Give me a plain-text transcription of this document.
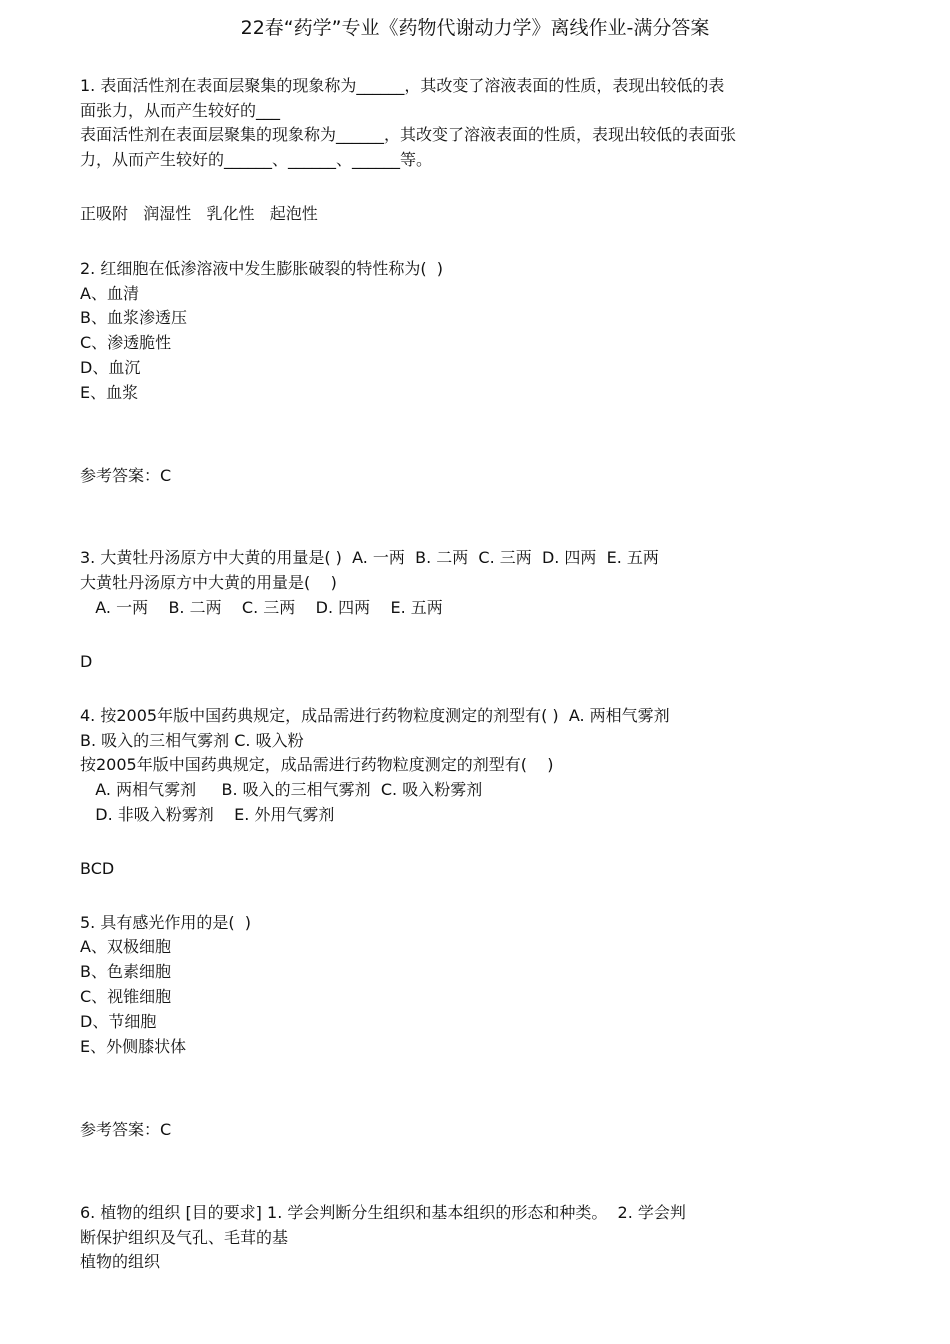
22春“药学”专业《药物代谢动力学》离线作业-满分答案
1. 表面活性剂在表面层聚集的现象称为______，其改变了溶液表面的性质，表现出较低的表
面张力，从而产生较好的___
表面活性剂在表面层聚集的现象称为______，其改变了溶液表面的性质，表现出较低的表面张
力，从而产生较好的______、______、______等。
正吸附   润湿性   乳化性   起泡性
2. 红细胞在低渗溶液中发生膨胀破裂的特性称为(  )
A、血清
B、血浆渗透压
C、渗透脆性
D、血沉
E、血浆
参考答案：C
3. 大黄牡丹汤原方中大黄的用量是( )  A. 一两  B. 二两  C. 三两  D. 四两  E. 五两
大黄牡丹汤原方中大黄的用量是(    )
A. 一两    B. 二两    C. 三两    D. 四两    E. 五两
D
4. 按2005年版中国药典规定，成品需进行药物粒度测定的剂型有( )  A. 两相气雾剂
B. 吸入的三相气雾剂 C. 吸入粉
按2005年版中国药典规定，成品需进行药物粒度测定的剂型有(    )
A. 两相气雾剂     B. 吸入的三相气雾剂  C. 吸入粉雾剂
D. 非吸入粉雾剂    E. 外用气雾剂
BCD
5. 具有感光作用的是(  )
A、双极细胞
B、色素细胞
C、视锥细胞
D、节细胞
E、外侧膝状体
参考答案：C
6. 植物的组织 [目的要求] 1. 学会判断分生组织和基本组织的形态和种类。  2. 学会判
断保护组织及气孔、毛茸的基
植物的组织
